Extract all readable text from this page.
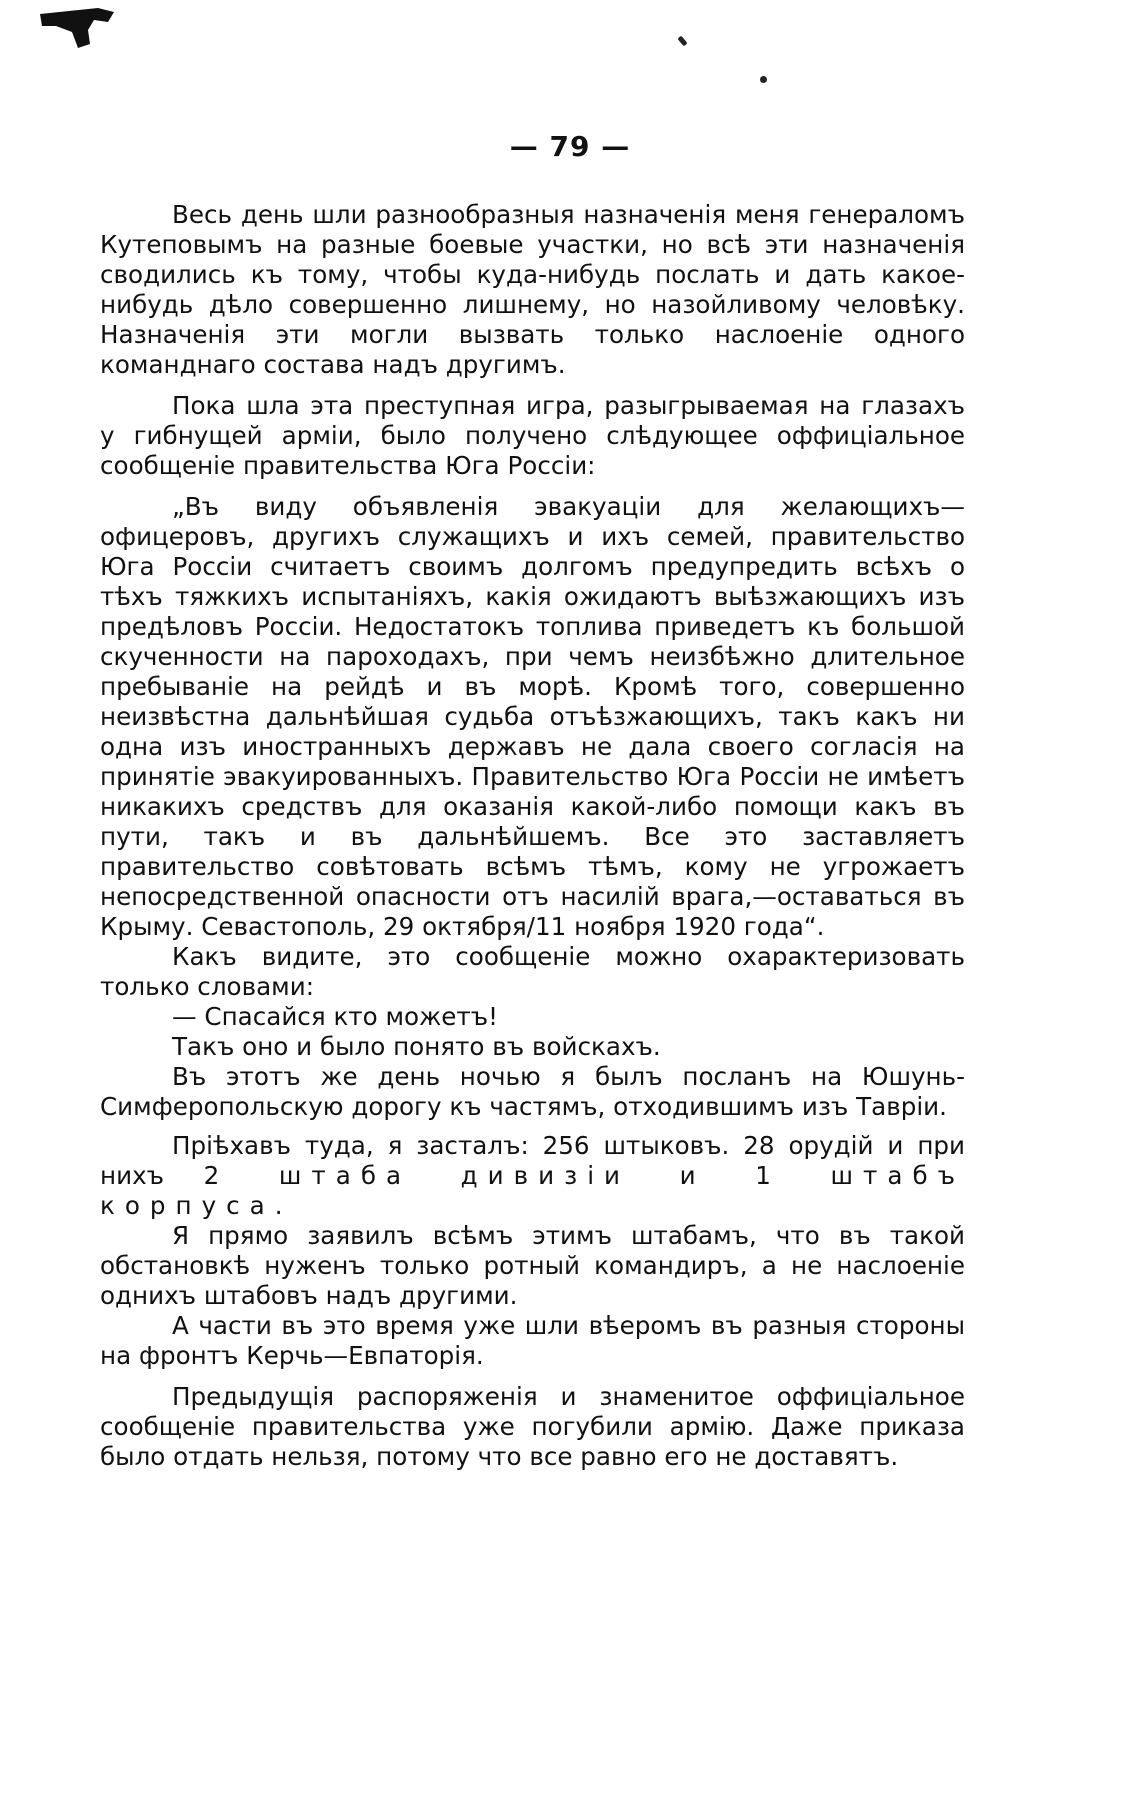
— 79 —

Весь день шли разнообразныя назначенія меня генераломъ Кутеповымъ на разные боевые участки, но всѣ эти назначенія сводились къ тому, чтобы куда-нибудь послать и дать какое-нибудь дѣло совершенно лишнему, но назойливому человѣку. Назначенія эти могли вызвать только наслоеніе одного команднаго состава надъ другимъ.

Пока шла эта преступная игра, разыгрываемая на глазахъ у гибнущей арміи, было получено слѣдующее оффиціальное сообщеніе правительства Юга Россіи:

„Въ виду объявленія эвакуаціи для желающихъ—офицеровъ, другихъ служащихъ и ихъ семей, правительство Юга Россіи считаетъ своимъ долгомъ предупредить всѣхъ о тѣхъ тяжкихъ испытаніяхъ, какія ожидаютъ выѣзжающихъ изъ предѣловъ Россіи. Недостатокъ топлива приведетъ къ большой скученности на пароходахъ, при чемъ неизбѣжно длительное пребываніе на рейдѣ и въ морѣ. Кромѣ того, совершенно неизвѣстна дальнѣйшая судьба отъѣзжающихъ, такъ какъ ни одна изъ иностранныхъ державъ не дала своего согласія на принятіе эвакуированныхъ. Правительство Юга Россіи не имѣетъ никакихъ средствъ для оказанія какой-либо помощи какъ въ пути, такъ и въ дальнѣйшемъ. Все это заставляетъ правительство совѣтовать всѣмъ тѣмъ, кому не угрожаетъ непосредственной опасности отъ насилій врага,—оставаться въ Крыму. Севастополь, 29 октября/11 ноября 1920 года“.

Какъ видите, это сообщеніе можно охарактеризовать только словами:

— Спасайся кто можетъ!

Такъ оно и было понято въ войскахъ.

Въ этотъ же день ночью я былъ посланъ на Юшунь-Симферопольскую дорогу къ частямъ, отходившимъ изъ Тавріи.

Пріѣхавъ туда, я засталъ: 256 штыковъ. 28 орудій и при нихъ 2 штаба дивизіи и 1 штабъ корпуса.

Я прямо заявилъ всѣмъ этимъ штабамъ, что въ такой обстановкѣ нуженъ только ротный командиръ, а не наслоеніе однихъ штабовъ надъ другими.

А части въ это время уже шли вѣеромъ въ разныя стороны на фронтъ Керчь—Евпаторія.

Предыдущія распоряженія и знаменитое оффиціальное сообщеніе правительства уже погубили армію. Даже приказа было отдать нельзя, потому что все равно его не доставятъ.
